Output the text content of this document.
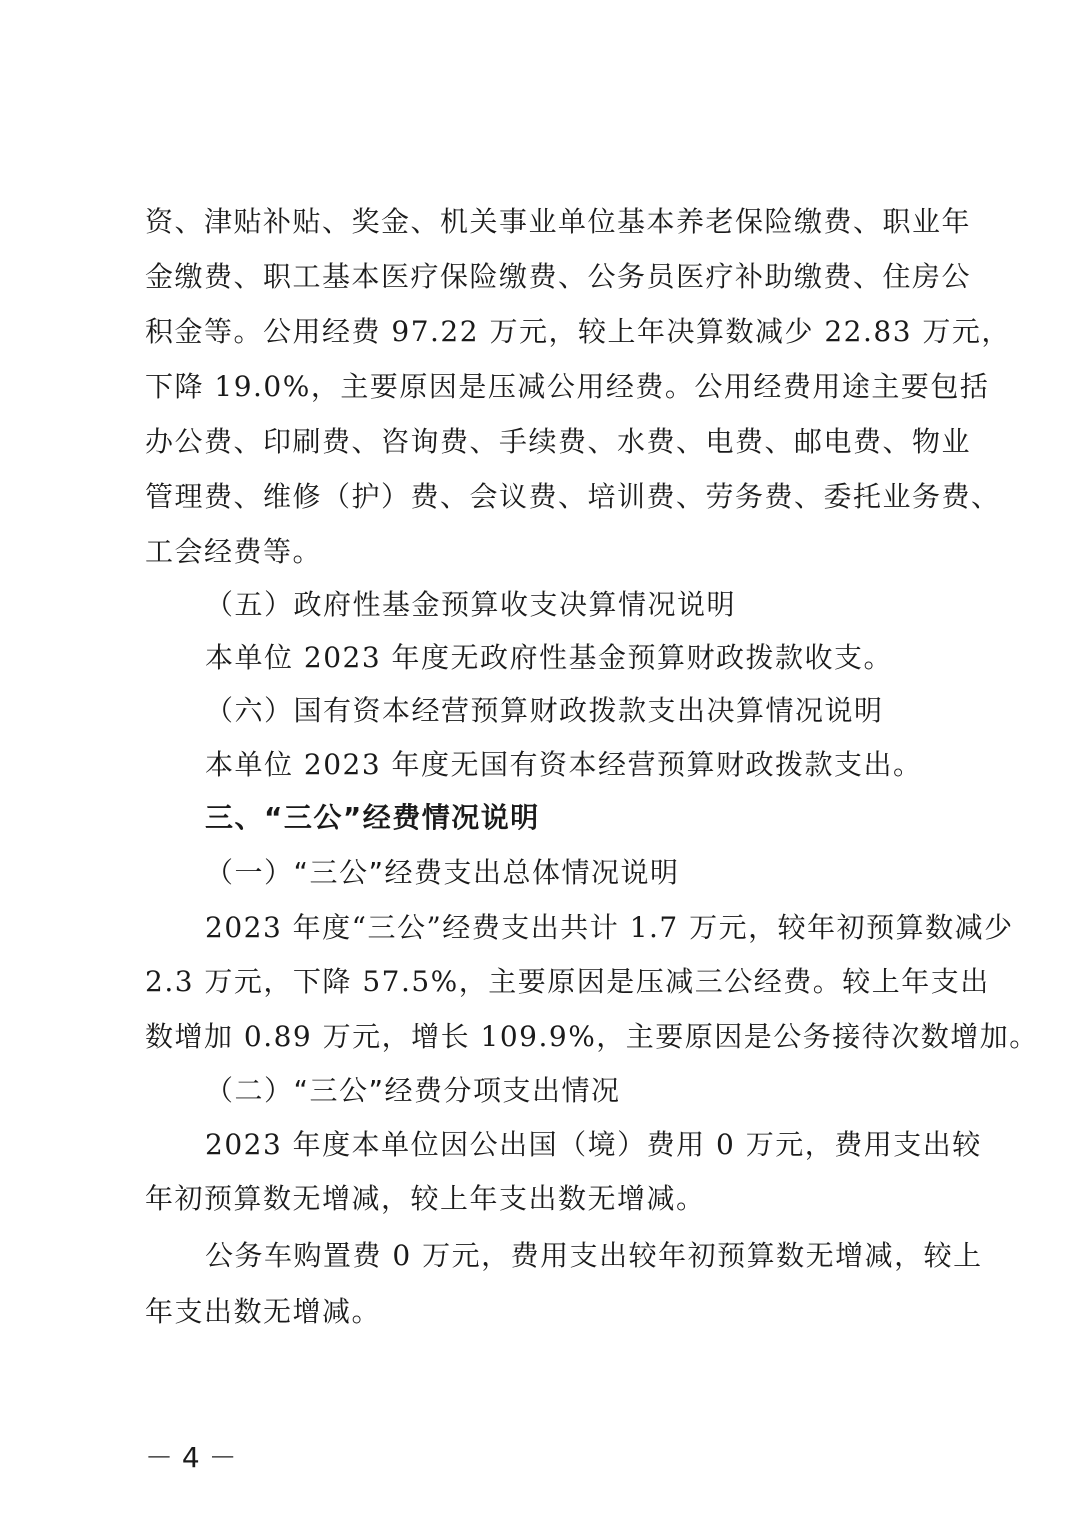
资、津贴补贴、奖金、机关事业单位基本养老保险缴费、职业年
金缴费、职工基本医疗保险缴费、公务员医疗补助缴费、住房公
积金等。公用经费 97.22 万元，较上年决算数减少 22.83 万元，
下降 19.0%，主要原因是压减公用经费。公用经费用途主要包括
办公费、印刷费、咨询费、手续费、水费、电费、邮电费、物业
管理费、维修（护）费、会议费、培训费、劳务费、委托业务费、
工会经费等。
（五）政府性基金预算收支决算情况说明
本单位 2023 年度无政府性基金预算财政拨款收支。
（六）国有资本经营预算财政拨款支出决算情况说明
本单位 2023 年度无国有资本经营预算财政拨款支出。
三、“三公”经费情况说明
（一）“三公”经费支出总体情况说明
2023 年度“三公”经费支出共计 1.7 万元，较年初预算数减少
2.3 万元，下降 57.5%，主要原因是压减三公经费。较上年支出
数增加 0.89 万元，增长 109.9%，主要原因是公务接待次数增加。
（二）“三公”经费分项支出情况
2023 年度本单位因公出国（境）费用 0 万元，费用支出较
年初预算数无增减，较上年支出数无增减。
公务车购置费 0 万元，费用支出较年初预算数无增减，较上
年支出数无增减。
－ 4 －
